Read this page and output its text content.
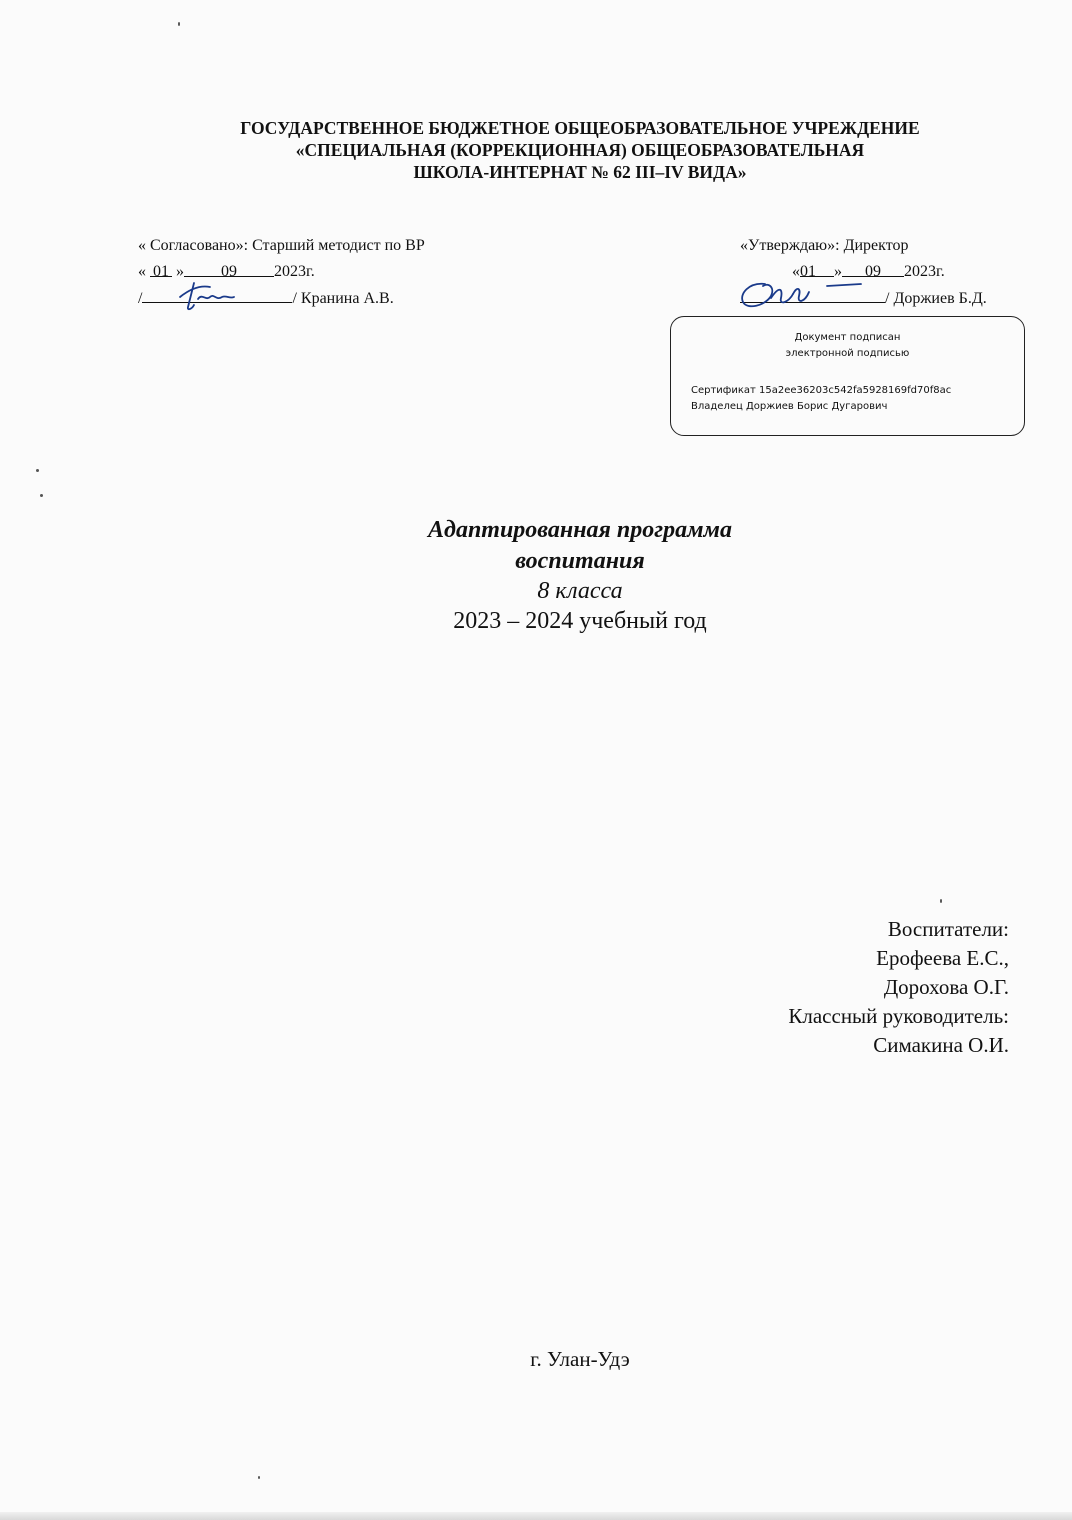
ГОСУДАРСТВЕННОЕ БЮДЖЕТНОЕ ОБЩЕОБРАЗОВАТЕЛЬНОЕ УЧРЕЖДЕНИЕ
«СПЕЦИАЛЬНАЯ (КОРРЕКЦИОННАЯ) ОБЩЕОБРАЗОВАТЕЛЬНАЯ
ШКОЛА-ИНТЕРНАТ № 62 III–IV ВИДА»
« Согласовано»: Старший методист по ВР
« 01 » 09 2023г.
/	/ Кранина А.В.
«Утверждаю»: Директор
«01 » 09 2023г.
/ Доржиев Б.Д.
Документ подписан
электронной подписью
Сертификат 15a2ee36203c542fa5928169fd70f8ac
Владелец Доржиев Борис Дугарович
Адаптированная программа
воспитания
8 класса
2023 – 2024 учебный год
Воспитатели:
Ерофеева Е.С.,
Дорохова О.Г.
Классный руководитель:
Симакина О.И.
г. Улан-Удэ
